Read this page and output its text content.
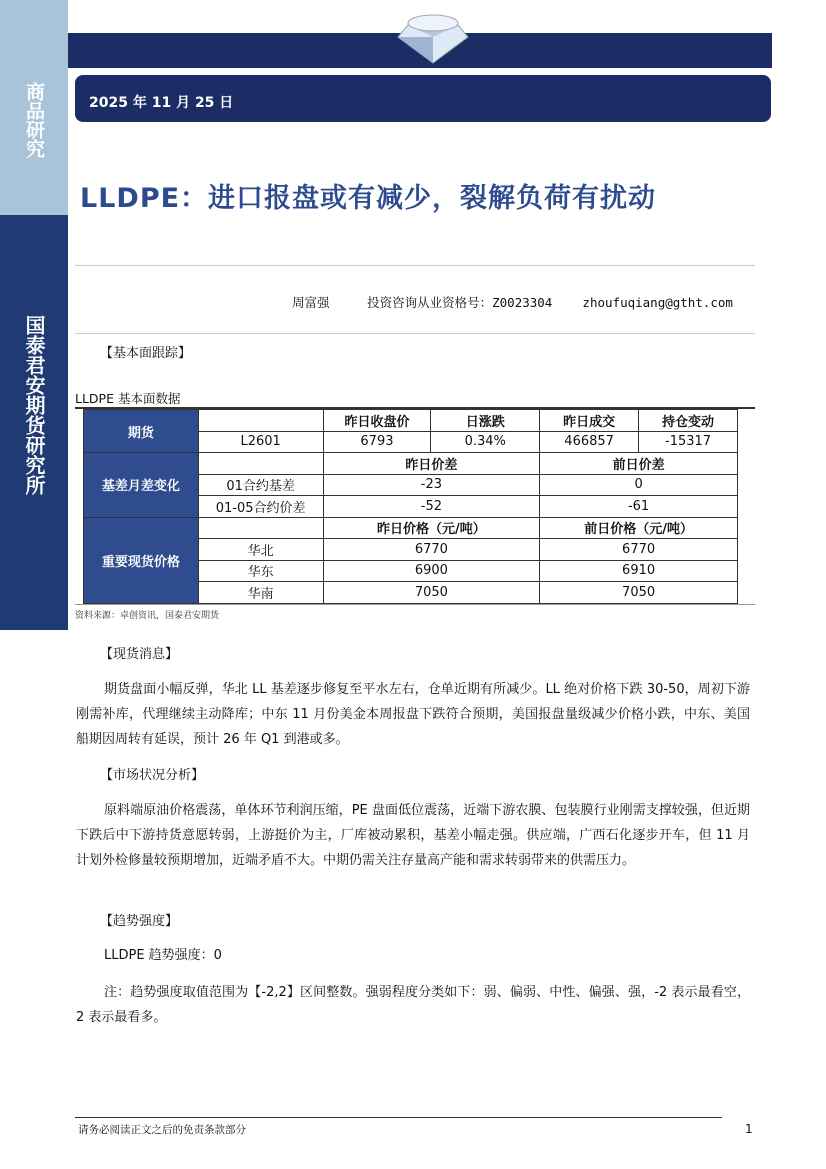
商品研究
国泰君安期货研究所
2025 年 11 月 25 日
LLDPE：进口报盘或有减少，裂解负荷有扰动
周富强     投资咨询从业资格号：Z0023304    zhoufuqiang@gtht.com
【基本面跟踪】
LLDPE 基本面数据
期货		昨日收盘价	日涨跌	昨日成交	持仓变动
	L2601	6793	0.34%	466857	-15317
基差月差变化		昨日价差		前日价差	
	01合约基差	-23		0	
	01-05合约价差	-52		-61	
重要现货价格		昨日价格（元/吨）		前日价格（元/吨）	
	华北	6770		6770	
	华东	6900		6910	
	华南	7050		7050	
资料来源：卓创资讯，国泰君安期货
【现货消息】
期货盘面小幅反弹，华北 LL 基差逐步修复至平水左右，仓单近期有所减少。LL 绝对价格下跌 30-50，周初下游刚需补库，代理继续主动降库；中东 11 月份美金本周报盘下跌符合预期，美国报盘量级减少价格小跌，中东、美国船期因周转有延误，预计 26 年 Q1 到港或多。
【市场状况分析】
原料端原油价格震荡，单体环节利润压缩，PE 盘面低位震荡，近端下游农膜、包装膜行业刚需支撑较强，但近期下跌后中下游持货意愿转弱，上游挺价为主，厂库被动累积，基差小幅走强。供应端，广西石化逐步开车，但 11 月计划外检修量较预期增加，近端矛盾不大。中期仍需关注存量高产能和需求转弱带来的供需压力。
【趋势强度】
LLDPE 趋势强度：0
注：趋势强度取值范围为【-2,2】区间整数。强弱程度分类如下：弱、偏弱、中性、偏强、强，-2 表示最看空，2 表示最看多。
请务必阅读正文之后的免责条款部分	1
